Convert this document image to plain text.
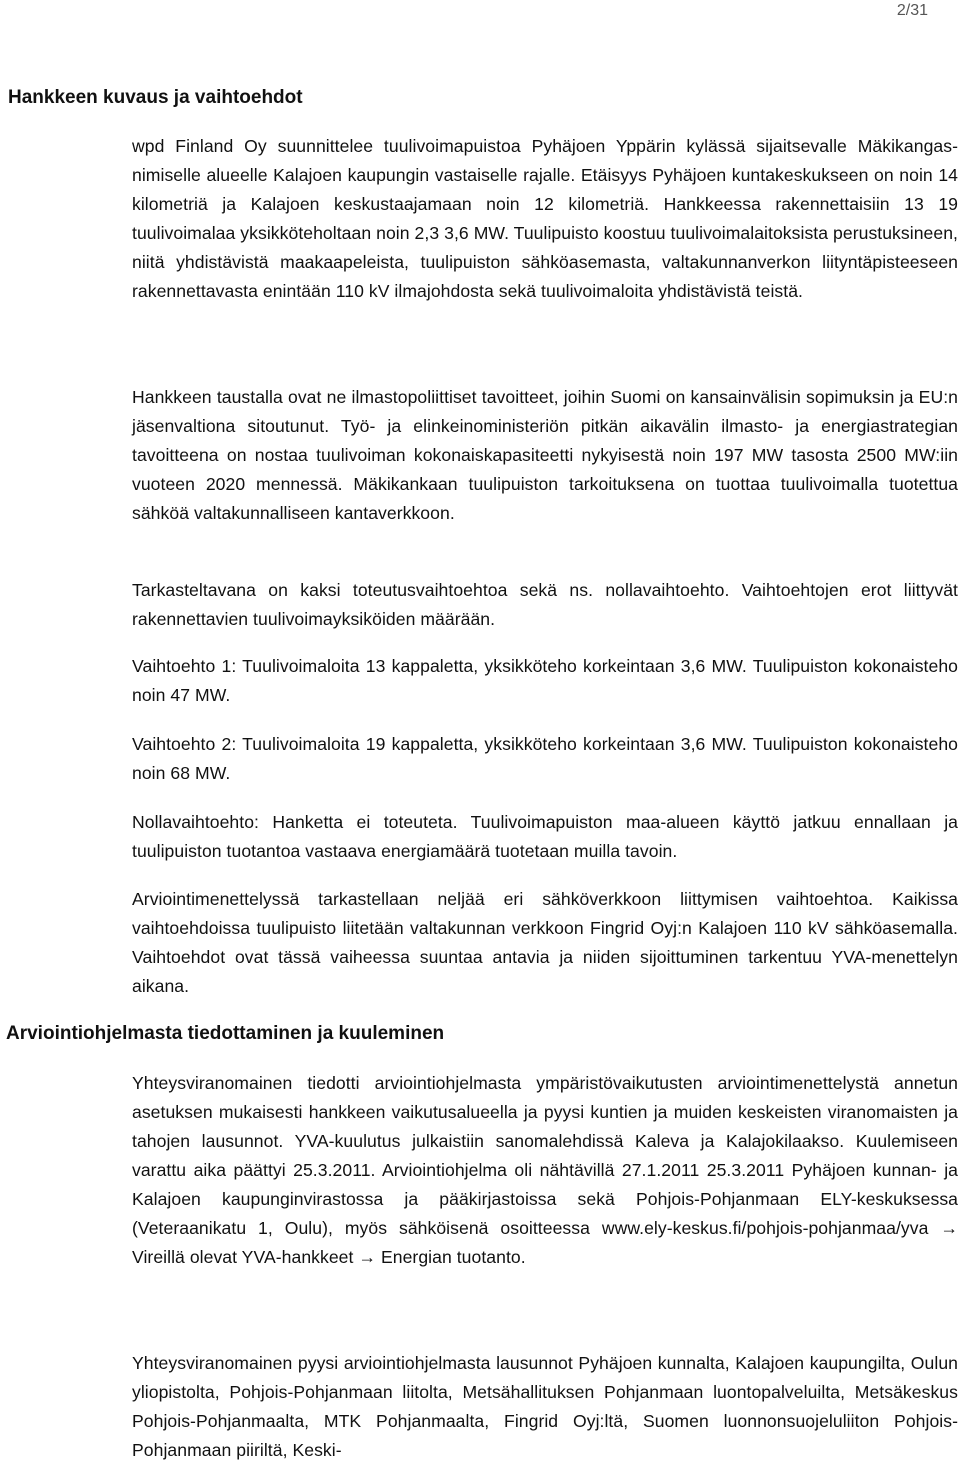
2/31
Hankkeen kuvaus ja vaihtoehdot

wpd Finland Oy suunnittelee tuulivoimapuistoa Pyhäjoen Yppärin kylässä sijaitsevalle Mäkikangas-nimiselle alueelle Kalajoen kaupungin vastaiselle rajalle. Etäisyys Pyhäjoen kuntakeskukseen on noin 14 kilometriä ja Kalajoen keskustaajamaan noin 12 kilometriä. Hankkeessa rakennettaisiin 13 19 tuulivoimalaa yksikköteholtaan noin 2,3 3,6 MW. Tuulipuisto koostuu tuulivoimalaitoksista perustuksineen, niitä yhdistävistä maakaapeleista, tuulipuiston sähköasemasta, valtakunnanverkon liityntäpisteeseen rakennettavasta enintään 110 kV ilmajohdosta sekä tuulivoimaloita yhdistävistä teistä.

Hankkeen taustalla ovat ne ilmastopoliittiset tavoitteet, joihin Suomi on kansainvälisin sopimuksin ja EU:n jäsenvaltiona sitoutunut. Työ- ja elinkeinoministeriön pitkän aikavälin ilmasto- ja energiastrategian tavoitteena on nostaa tuulivoiman kokonaiskapasiteetti nykyisestä noin 197 MW tasosta 2500 MW:iin vuoteen 2020 mennessä. Mäkikankaan tuulipuiston tarkoituksena on tuottaa tuulivoimalla tuotettua sähköä valtakunnalliseen kantaverkkoon.

Tarkasteltavana on kaksi toteutusvaihtoehtoa sekä ns. nollavaihtoehto. Vaihtoehtojen erot liittyvät rakennettavien tuulivoimayksiköiden määrään.

Vaihtoehto 1: Tuulivoimaloita 13 kappaletta, yksikköteho korkeintaan 3,6 MW. Tuulipuiston kokonaisteho noin 47 MW.

Vaihtoehto 2: Tuulivoimaloita 19 kappaletta, yksikköteho korkeintaan 3,6 MW. Tuulipuiston kokonaisteho noin 68 MW.

Nollavaihtoehto: Hanketta ei toteuteta. Tuulivoimapuiston maa-alueen käyttö jatkuu ennallaan ja tuulipuiston tuotantoa vastaava energiamäärä tuotetaan muilla tavoin.

Arviointimenettelyssä tarkastellaan neljää eri sähköverkkoon liittymisen vaihtoehtoa. Kaikissa vaihtoehdoissa tuulipuisto liitetään valtakunnan verkkoon Fingrid Oyj:n Kalajoen 110 kV sähköasemalla. Vaihtoehdot ovat tässä vaiheessa suuntaa antavia ja niiden sijoittuminen tarkentuu YVA-menettelyn aikana.

Arviointiohjelmasta tiedottaminen ja kuuleminen

Yhteysviranomainen tiedotti arviointiohjelmasta ympäristövaikutusten arviointimenettelystä annetun asetuksen mukaisesti hankkeen vaikutusalueella ja pyysi kuntien ja muiden keskeisten viranomaisten ja tahojen lausunnot. YVA-kuulutus julkaistiin sanomalehdissä Kaleva ja Kalajokilaakso. Kuulemiseen varattu aika päättyi 25.3.2011. Arviointiohjelma oli nähtävillä 27.1.2011 25.3.2011 Pyhäjoen kunnan- ja Kalajoen kaupunginvirastossa ja pääkirjastoissa sekä Pohjois-Pohjanmaan ELY-keskuksessa (Veteraanikatu 1, Oulu), myös sähköisenä osoitteessa www.ely-keskus.fi/pohjois-pohjanmaa/yva → Vireillä olevat YVA-hankkeet → Energian tuotanto.

Yhteysviranomainen pyysi arviointiohjelmasta lausunnot Pyhäjoen kunnalta, Kalajoen kaupungilta, Oulun yliopistolta, Pohjois-Pohjanmaan liitolta, Metsähallituksen Pohjanmaan luontopalveluilta, Metsäkeskus Pohjois-Pohjanmaalta, MTK Pohjanmaalta, Fingrid Oyj:ltä, Suomen luonnonsuojeluliiton Pohjois-Pohjanmaan piiriltä, Keski-
